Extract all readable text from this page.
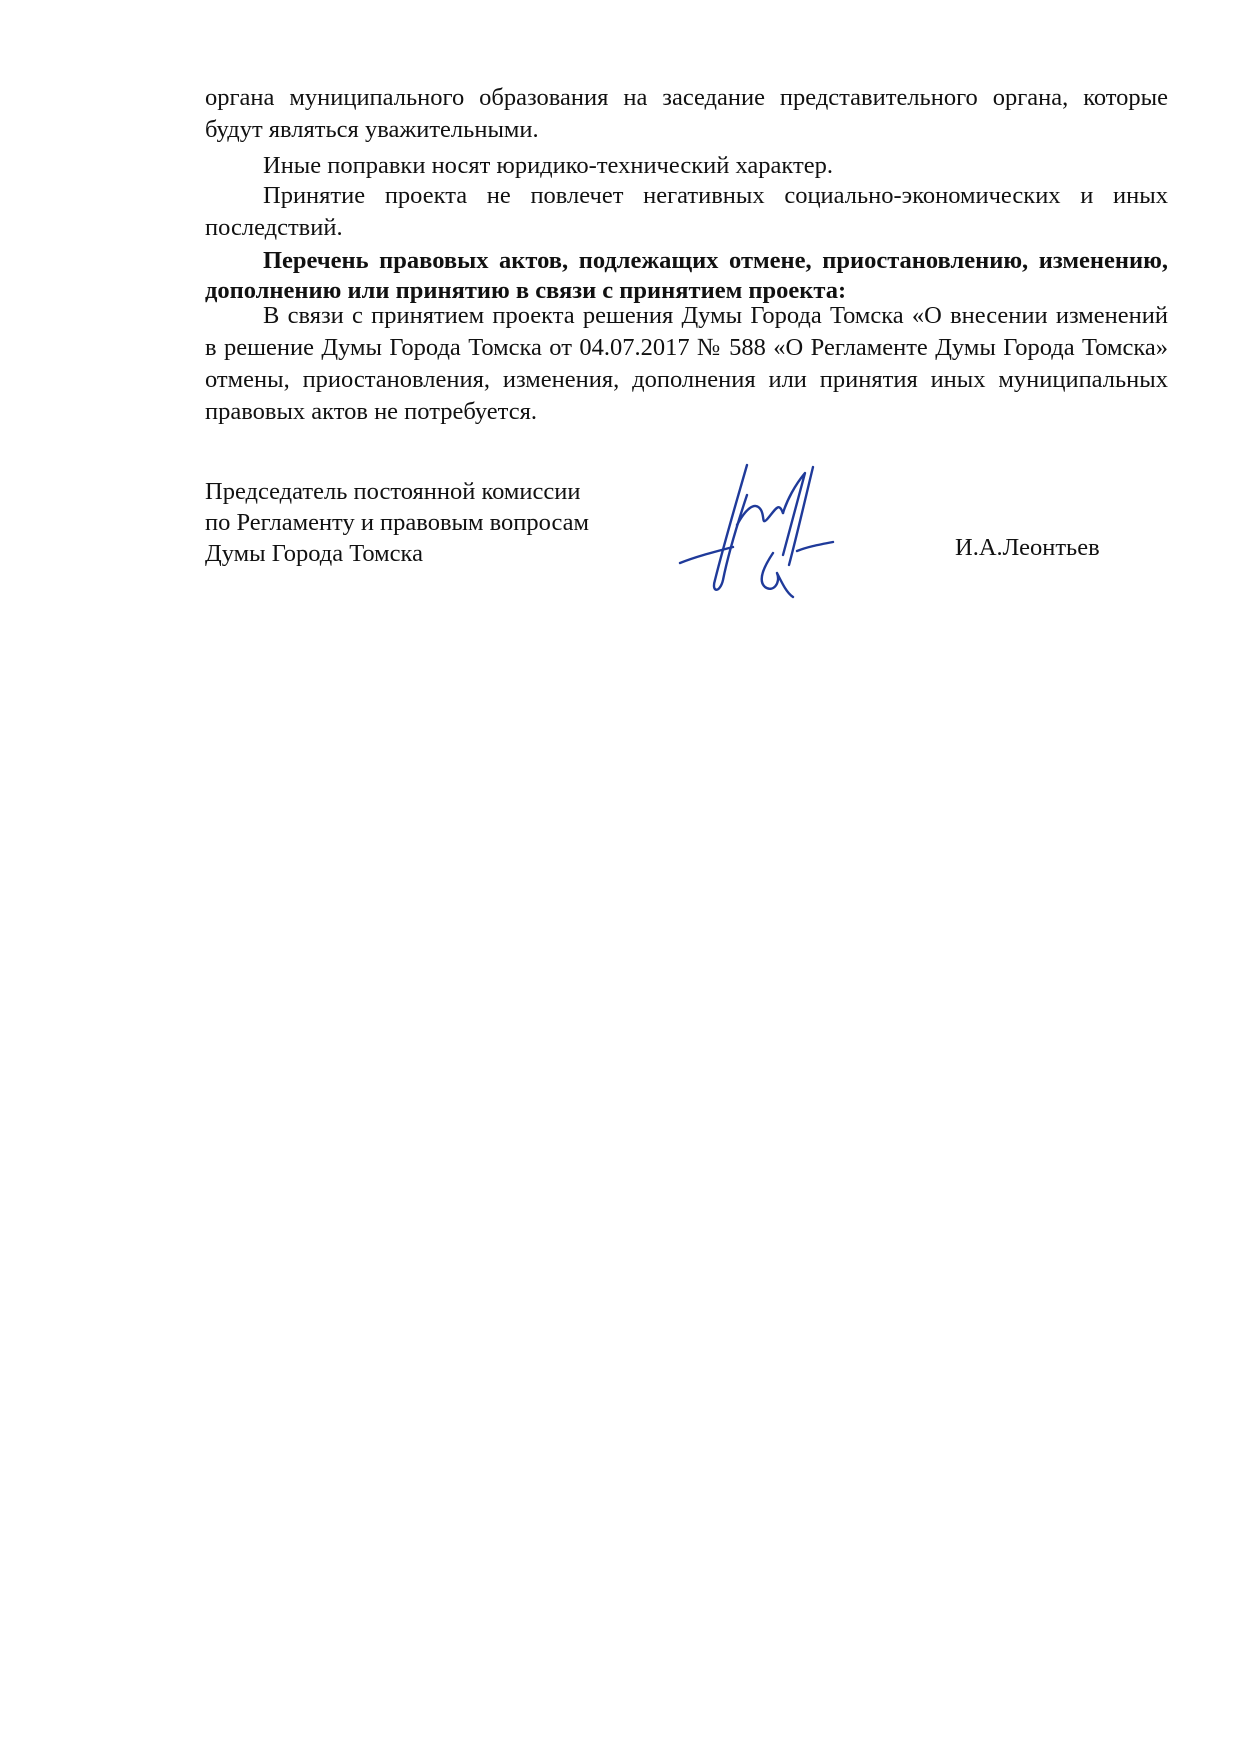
органа муниципального образования на заседание представительного органа, которые
будут являться уважительными.
Иные поправки носят юридико-технический характер.
Принятие проекта не повлечет негативных социально-экономических и иных
последствий.
Перечень правовых актов, подлежащих отмене, приостановлению, изменению,
дополнению или принятию в связи с принятием проекта:
В связи с принятием проекта решения Думы Города Томска «О внесении изменений
в решение Думы Города Томска от 04.07.2017 № 588 «О Регламенте Думы Города Томска»
отмены, приостановления, изменения, дополнения или принятия иных муниципальных
правовых актов не потребуется.
Председатель постоянной комиссии
по Регламенту и правовым вопросам
Думы Города Томска	И.А.Леонтьев
